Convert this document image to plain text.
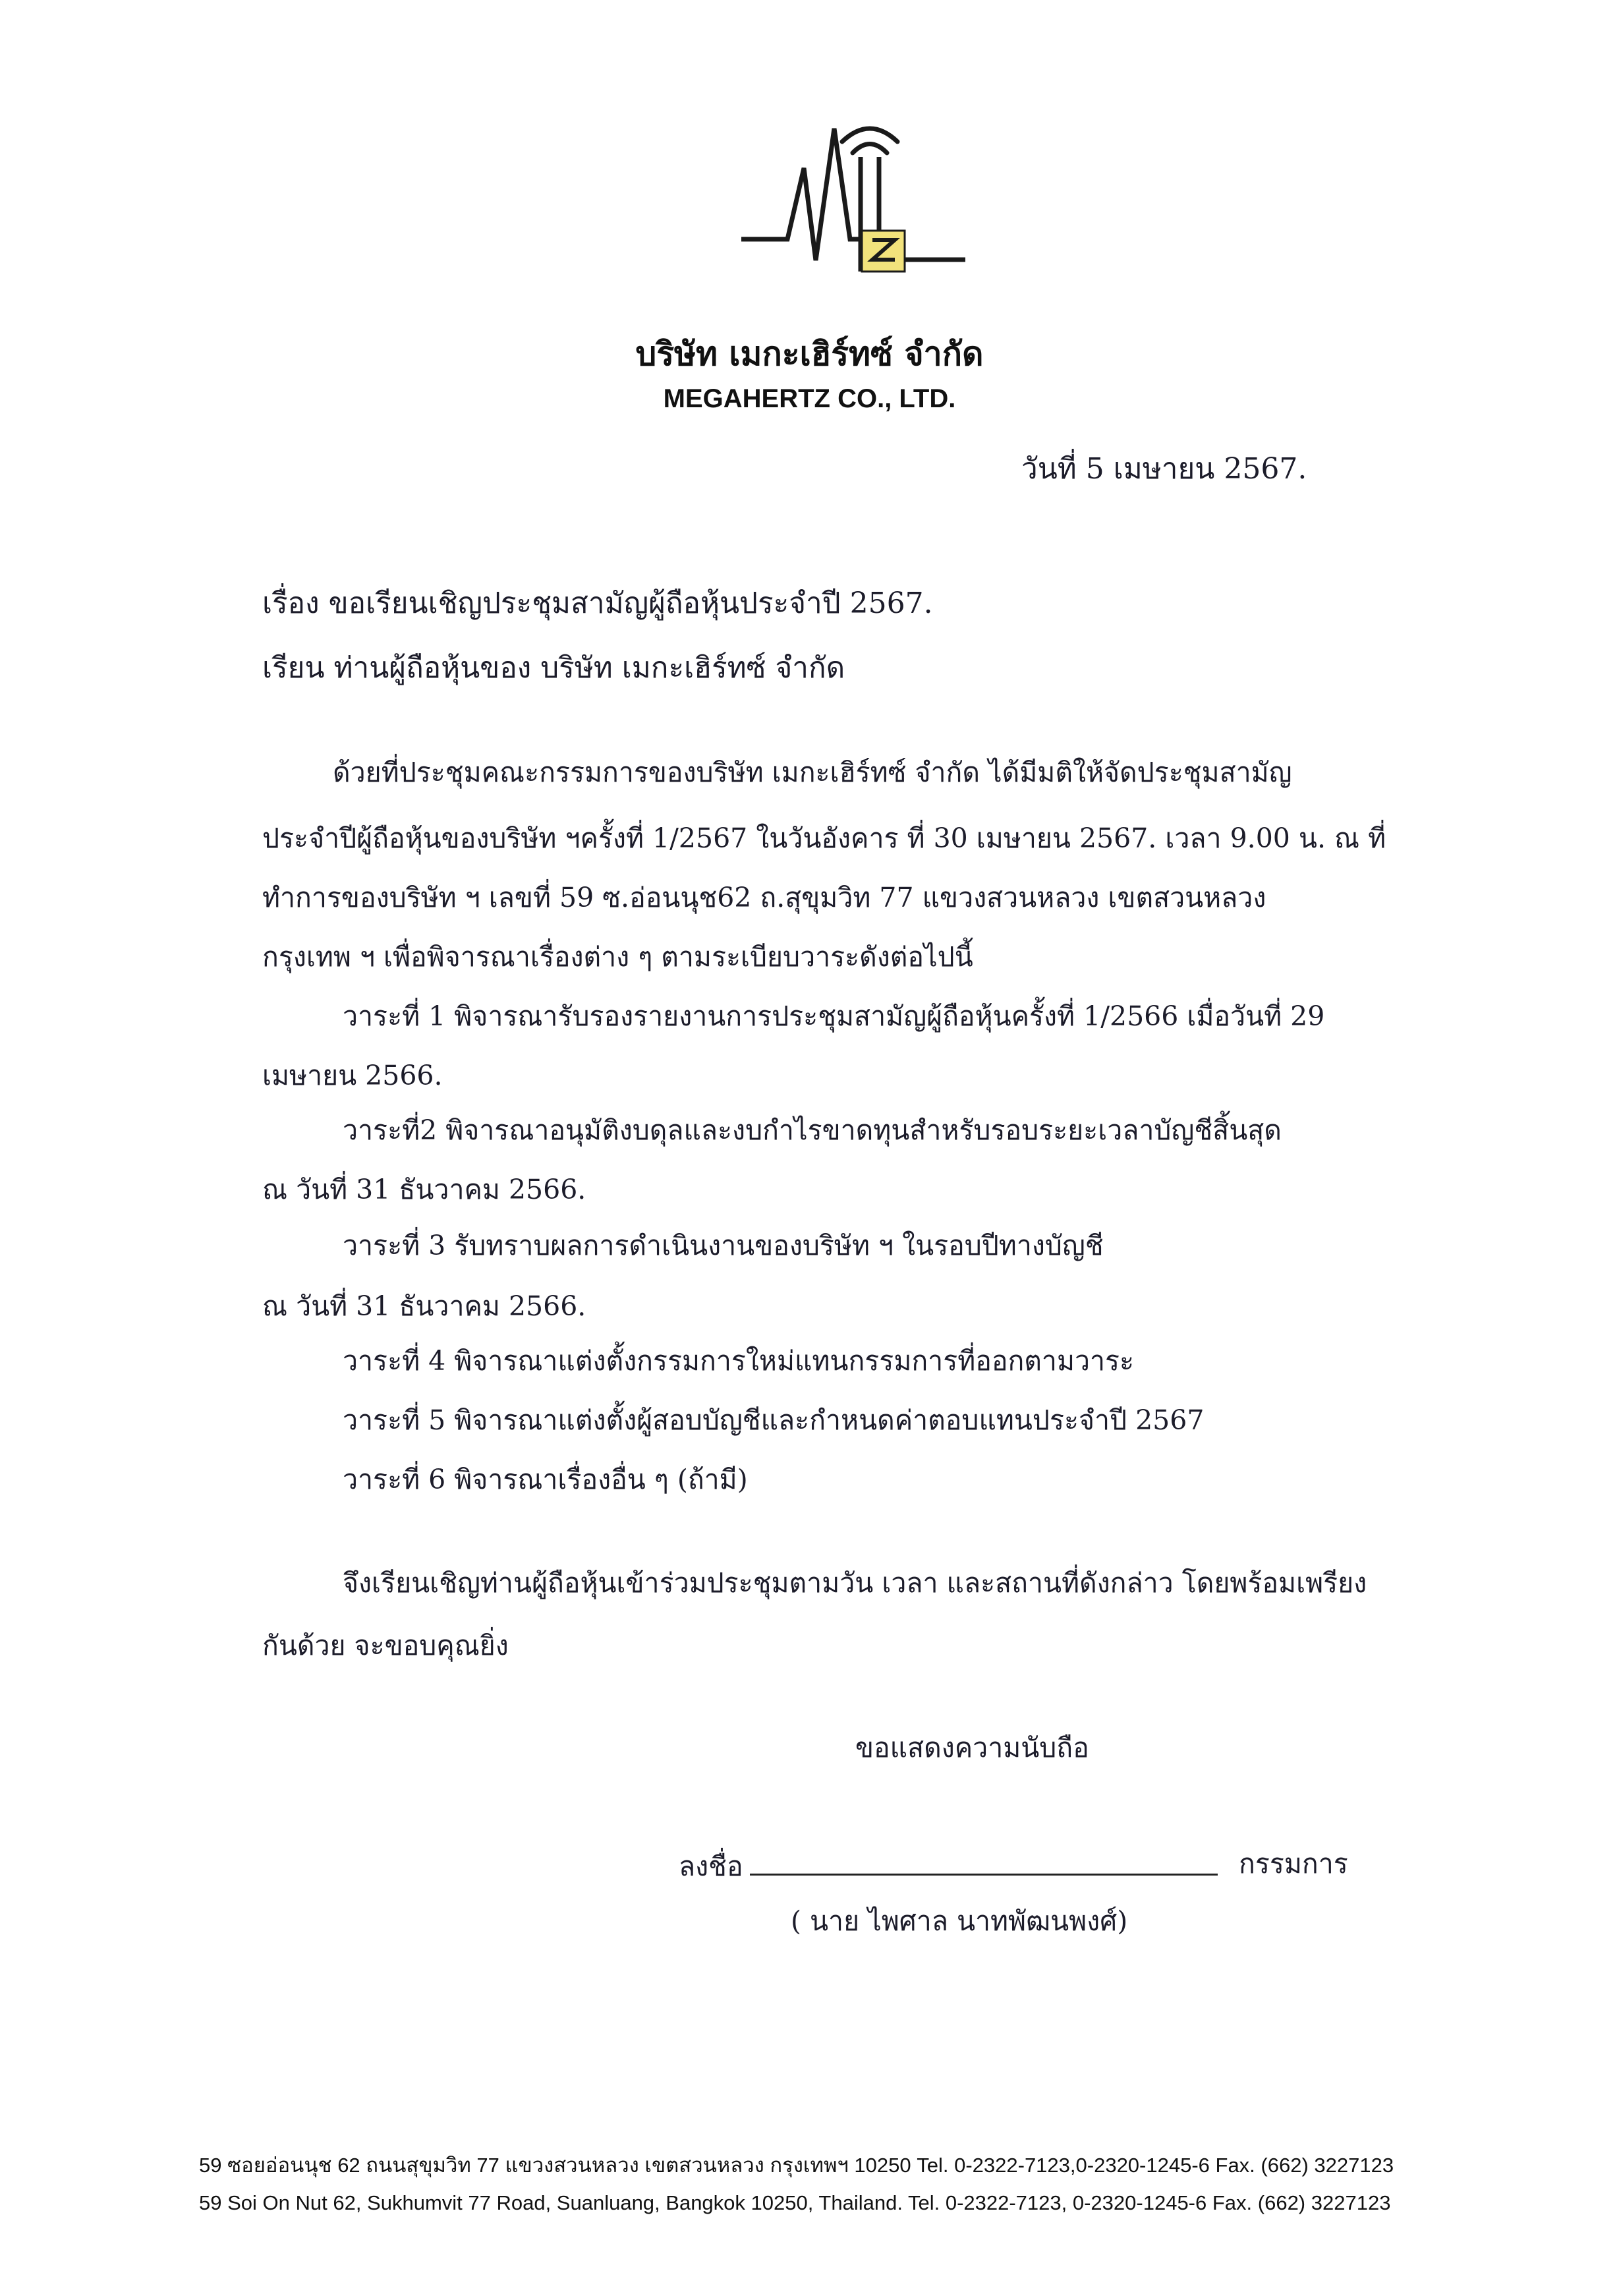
บริษัท เมกะเฮิร์ทซ์ จำกัด
MEGAHERTZ CO., LTD.
วันที่ 5 เมษายน 2567.
เรื่อง ขอเรียนเชิญประชุมสามัญผู้ถือหุ้นประจำปี 2567.
เรียน ท่านผู้ถือหุ้นของ บริษัท เมกะเฮิร์ทซ์ จำกัด
ด้วยที่ประชุมคณะกรรมการของบริษัท เมกะเฮิร์ทซ์ จำกัด ได้มีมติให้จัดประชุมสามัญ
ประจำปีผู้ถือหุ้นของบริษัท ฯครั้งที่ 1/2567 ในวันอังคาร ที่ 30 เมษายน 2567. เวลา 9.00 น. ณ ที่
ทำการของบริษัท ฯ เลขที่ 59 ซ.อ่อนนุช62 ถ.สุขุมวิท 77 แขวงสวนหลวง เขตสวนหลวง
กรุงเทพ ฯ เพื่อพิจารณาเรื่องต่าง ๆ ตามระเบียบวาระดังต่อไปนี้
วาระที่ 1 พิจารณารับรองรายงานการประชุมสามัญผู้ถือหุ้นครั้งที่ 1/2566 เมื่อวันที่ 29
เมษายน 2566.
วาระที่2 พิจารณาอนุมัติงบดุลและงบกำไรขาดทุนสำหรับรอบระยะเวลาบัญชีสิ้นสุด
ณ วันที่ 31 ธันวาคม 2566.
วาระที่ 3 รับทราบผลการดำเนินงานของบริษัท ฯ ในรอบปีทางบัญชี
ณ วันที่ 31 ธันวาคม 2566.
วาระที่ 4 พิจารณาแต่งตั้งกรรมการใหม่แทนกรรมการที่ออกตามวาระ
วาระที่ 5 พิจารณาแต่งตั้งผู้สอบบัญชีและกำหนดค่าตอบแทนประจำปี 2567
วาระที่ 6 พิจารณาเรื่องอื่น ๆ (ถ้ามี)
จึงเรียนเชิญท่านผู้ถือหุ้นเข้าร่วมประชุมตามวัน เวลา และสถานที่ดังกล่าว โดยพร้อมเพรียง
กันด้วย จะขอบคุณยิ่ง
ขอแสดงความนับถือ
ลงชื่อ	กรรมการ
( นาย ไพศาล นาทพัฒนพงศ์)
59 ซอยอ่อนนุช 62 ถนนสุขุมวิท 77 แขวงสวนหลวง เขตสวนหลวง กรุงเทพฯ 10250 Tel. 0-2322-7123,0-2320-1245-6 Fax. (662) 3227123
59 Soi On Nut 62, Sukhumvit 77 Road, Suanluang, Bangkok 10250, Thailand. Tel. 0-2322-7123, 0-2320-1245-6 Fax. (662) 3227123
